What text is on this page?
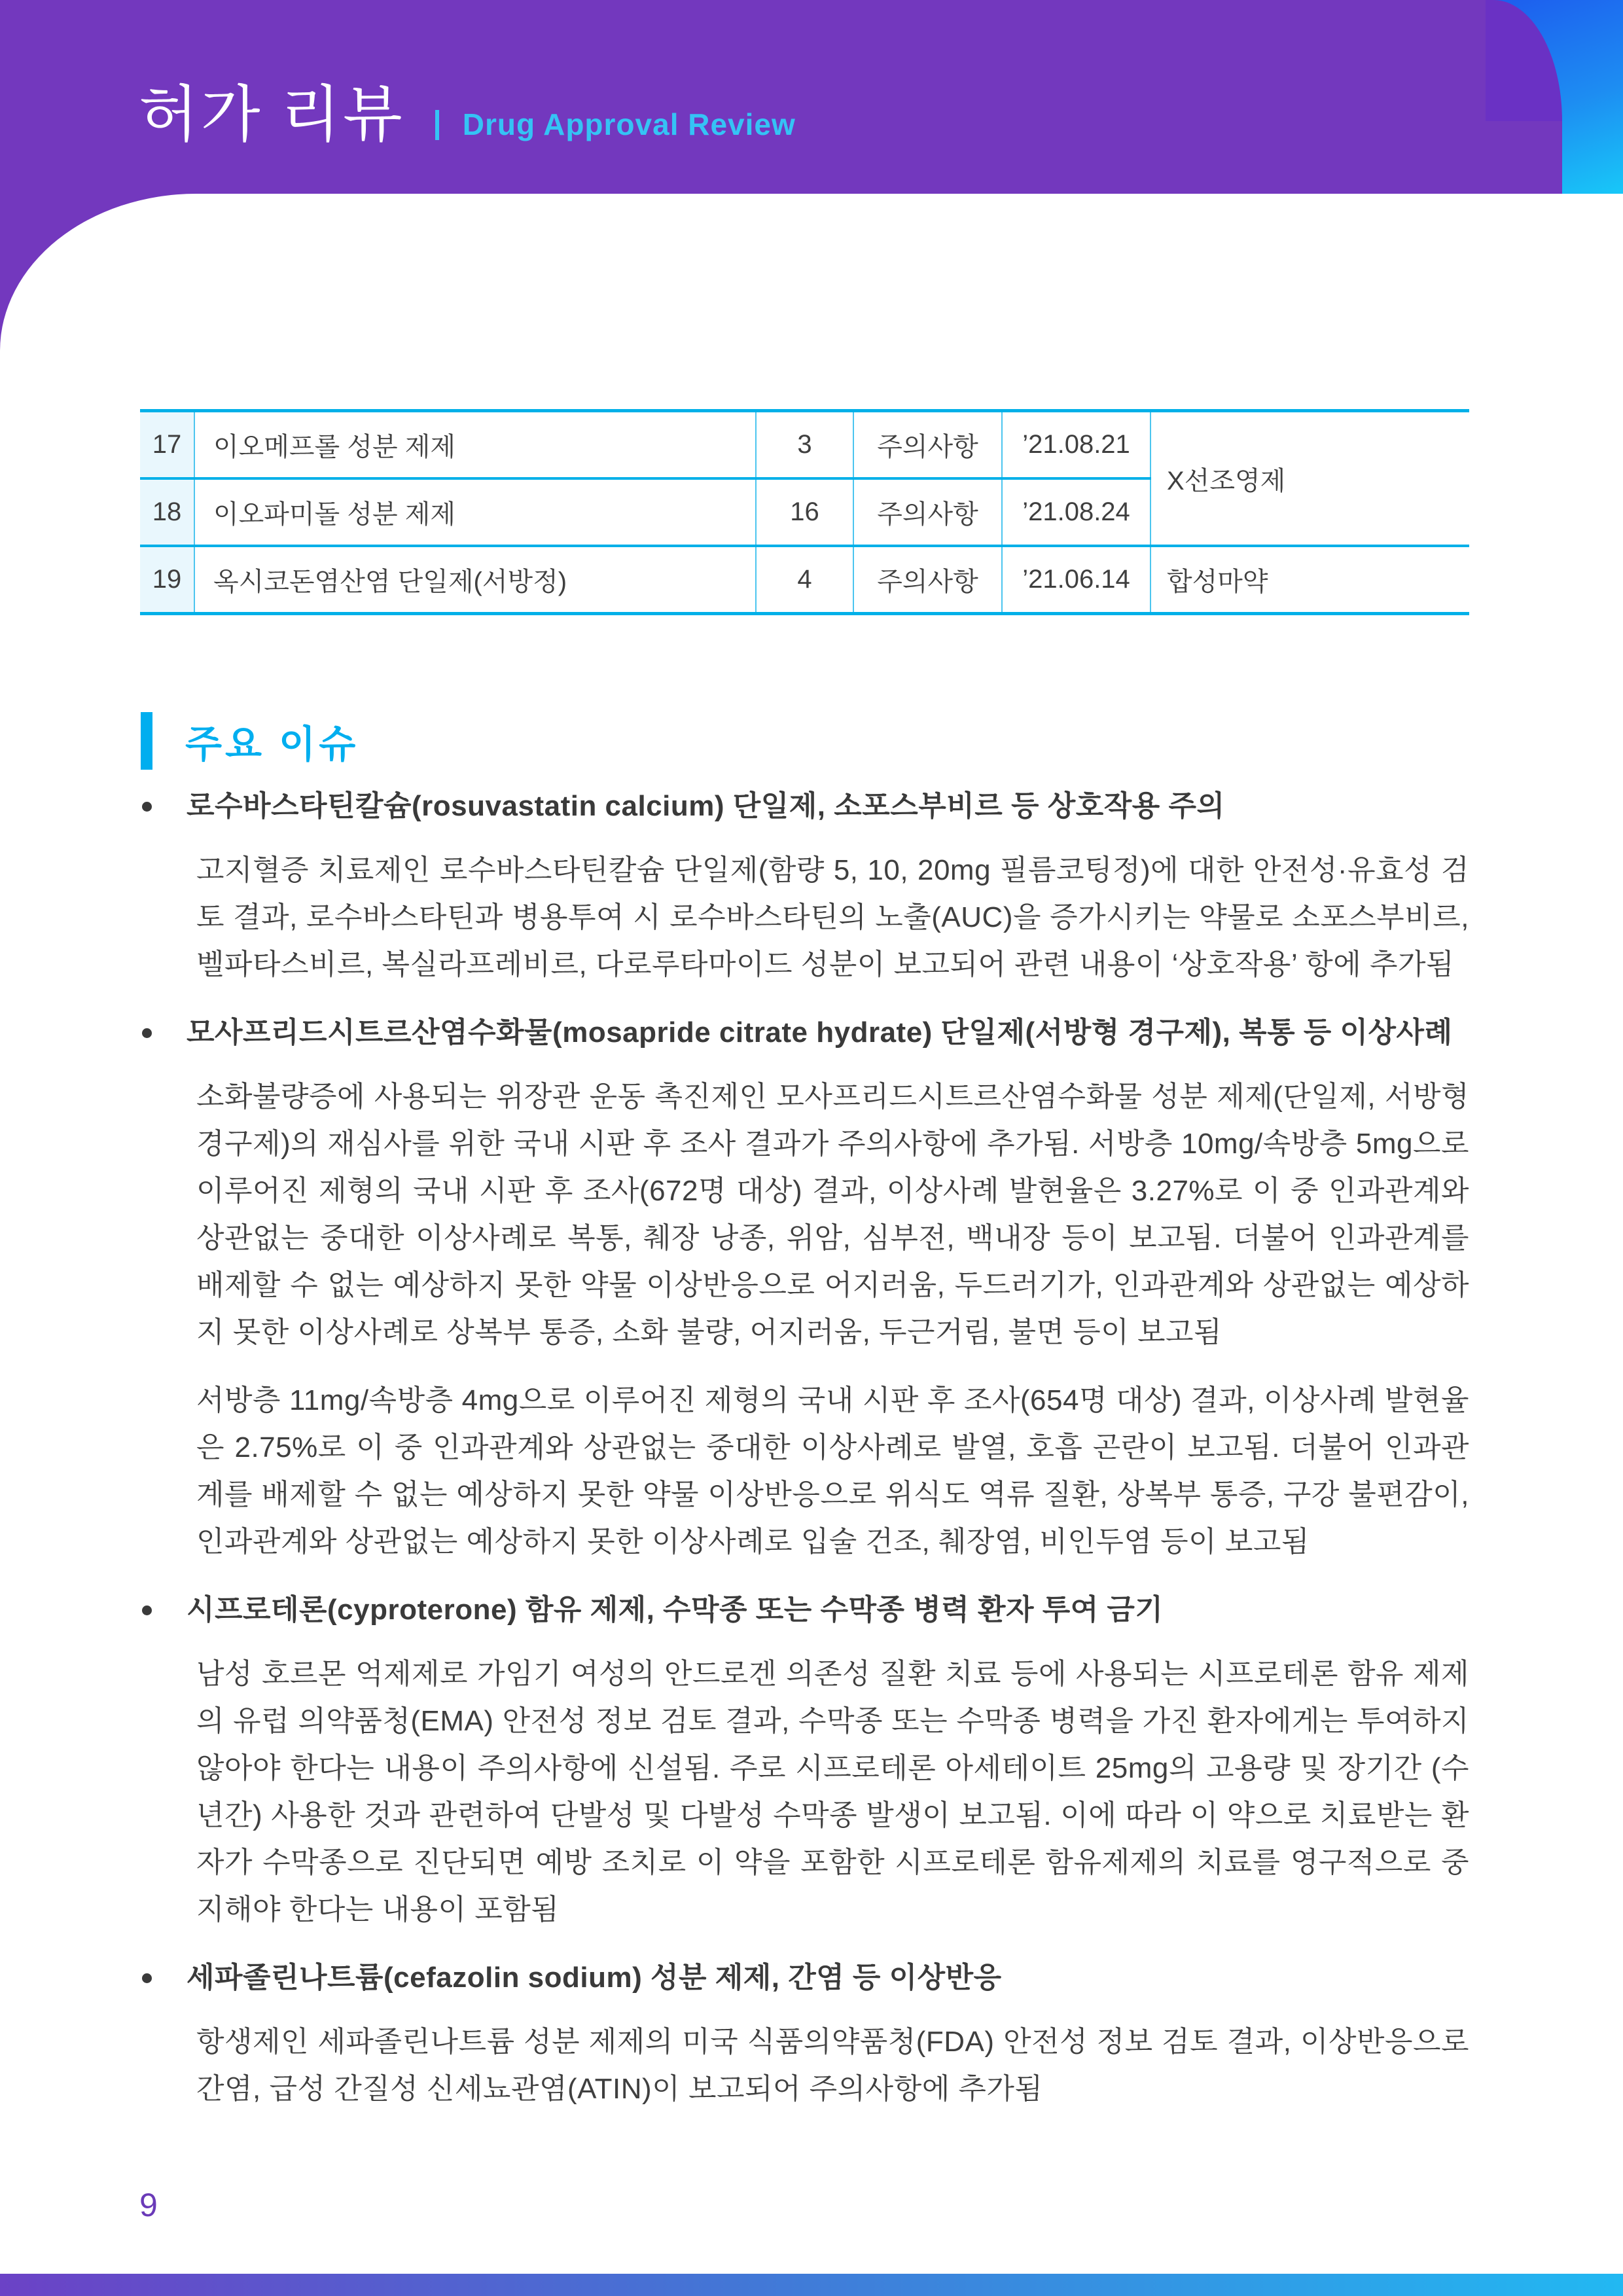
허가 리뷰 Drug Approval Review
17	이오메프롤 성분 제제	3	주의사항	’21.08.21	X선조영제
18	이오파미돌 성분 제제	16	주의사항	’21.08.24	
19	옥시코돈염산염 단일제(서방정)	4	주의사항	’21.06.14	합성마약
주요 이슈
로수바스타틴칼슘(rosuvastatin calcium) 단일제, 소포스부비르 등 상호작용 주의

고지혈증 치료제인 로수바스타틴칼슘 단일제(함량 5, 10, 20mg 필름코팅정)에 대한 안전성·유효성 검토 결과, 로수바스타틴과 병용투여 시 로수바스타틴의 노출(AUC)을 증가시키는 약물로 소포스부비르, 벨파타스비르, 복실라프레비르, 다로루타마이드 성분이 보고되어 관련 내용이 ‘상호작용’ 항에 추가됨

모사프리드시트르산염수화물(mosapride citrate hydrate) 단일제(서방형 경구제), 복통 등 이상사례

소화불량증에 사용되는 위장관 운동 촉진제인 모사프리드시트르산염수화물 성분 제제(단일제, 서방형 경구제)의 재심사를 위한 국내 시판 후 조사 결과가 주의사항에 추가됨. 서방층 10mg/속방층 5mg으로 이루어진 제형의 국내 시판 후 조사(672명 대상) 결과, 이상사례 발현율은 3.27%로 이 중 인과관계와 상관없는 중대한 이상사례로 복통, 췌장 낭종, 위암, 심부전, 백내장 등이 보고됨. 더불어 인과관계를 배제할 수 없는 예상하지 못한 약물 이상반응으로 어지러움, 두드러기가, 인과관계와 상관없는 예상하지 못한 이상사례로 상복부 통증, 소화 불량, 어지러움, 두근거림, 불면 등이 보고됨

서방층 11mg/속방층 4mg으로 이루어진 제형의 국내 시판 후 조사(654명 대상) 결과, 이상사례 발현율은 2.75%로 이 중 인과관계와 상관없는 중대한 이상사례로 발열, 호흡 곤란이 보고됨. 더불어 인과관계를 배제할 수 없는 예상하지 못한 약물 이상반응으로 위식도 역류 질환, 상복부 통증, 구강 불편감이, 인과관계와 상관없는 예상하지 못한 이상사례로 입술 건조, 췌장염, 비인두염 등이 보고됨

시프로테론(cyproterone) 함유 제제, 수막종 또는 수막종 병력 환자 투여 금기

남성 호르몬 억제제로 가임기 여성의 안드로겐 의존성 질환 치료 등에 사용되는 시프로테론 함유 제제의 유럽 의약품청(EMA) 안전성 정보 검토 결과, 수막종 또는 수막종 병력을 가진 환자에게는 투여하지 않아야 한다는 내용이 주의사항에 신설됨. 주로 시프로테론 아세테이트 25mg의 고용량 및 장기간 (수년간) 사용한 것과 관련하여 단발성 및 다발성 수막종 발생이 보고됨. 이에 따라 이 약으로 치료받는 환자가 수막종으로 진단되면 예방 조치로 이 약을 포함한 시프로테론 함유제제의 치료를 영구적으로 중지해야 한다는 내용이 포함됨

세파졸린나트륨(cefazolin sodium) 성분 제제, 간염 등 이상반응

항생제인 세파졸린나트륨 성분 제제의 미국 식품의약품청(FDA) 안전성 정보 검토 결과, 이상반응으로 간염, 급성 간질성 신세뇨관염(ATIN)이 보고되어 주의사항에 추가됨

9
